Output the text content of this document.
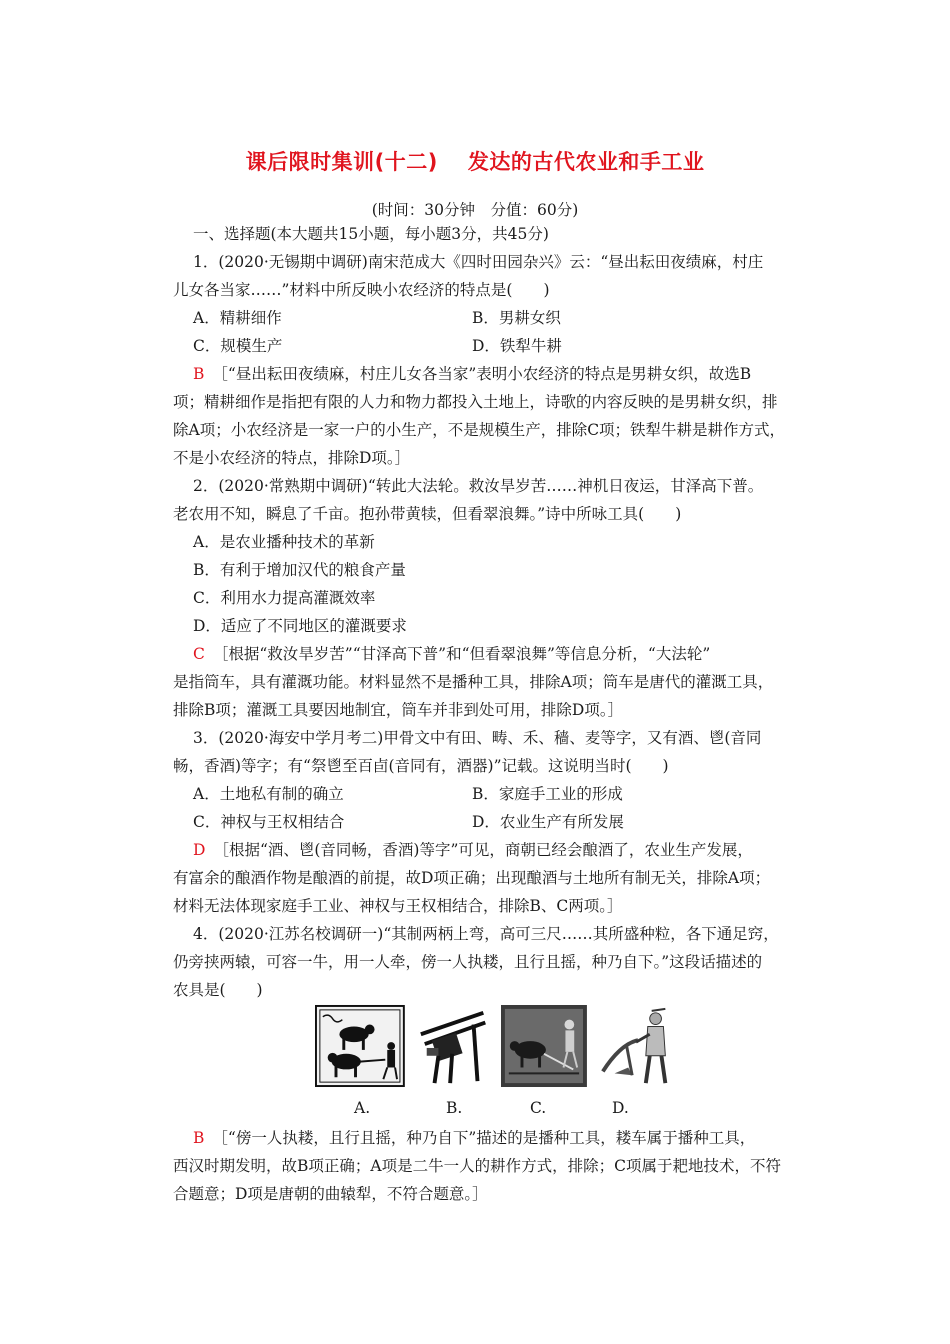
课后限时集训(十二) 发达的古代农业和手工业
(时间：30分钟　分值：60分)
一、选择题(本大题共15小题，每小题3分，共45分)
1．(2020·无锡期中调研)南宋范成大《四时田园杂兴》云：“昼出耘田夜绩麻，村庄
儿女各当家……”材料中所反映小农经济的特点是(　　)
A．精耕细作	B．男耕女织
C．规模生产	D．铁犁牛耕
B ［“昼出耘田夜绩麻，村庄儿女各当家”表明小农经济的特点是男耕女织，故选B
项；精耕细作是指把有限的人力和物力都投入土地上，诗歌的内容反映的是男耕女织，排
除A项；小农经济是一家一户的小生产，不是规模生产，排除C项；铁犁牛耕是耕作方式，
不是小农经济的特点，排除D项。］
2．(2020·常熟期中调研)“转此大法轮。救汝旱岁苦……神机日夜运，甘泽高下普。
老农用不知，瞬息了千亩。抱孙带黄犊，但看翠浪舞。”诗中所咏工具(　　)
A．是农业播种技术的革新
B．有利于增加汉代的粮食产量
C．利用水力提高灌溉效率
D．适应了不同地区的灌溉要求
C ［根据“救汝旱岁苦”“甘泽高下普”和“但看翠浪舞”等信息分析，“大法轮”
是指筒车，具有灌溉功能。材料显然不是播种工具，排除A项；筒车是唐代的灌溉工具，
排除B项；灌溉工具要因地制宜，筒车并非到处可用，排除D项。］
3．(2020·海安中学月考二)甲骨文中有田、畴、禾、穑、麦等字，又有酒、鬯(音同
畅，香酒)等字；有“祭鬯至百卣(音同有，酒器)”记载。这说明当时(　　)
A．土地私有制的确立	B．家庭手工业的形成
C．神权与王权相结合	D．农业生产有所发展
D ［根据“酒、鬯(音同畅，香酒)等字”可见，商朝已经会酿酒了，农业生产发展，
有富余的酿酒作物是酿酒的前提，故D项正确；出现酿酒与土地所有制无关，排除A项；
材料无法体现家庭手工业、神权与王权相结合，排除B、C两项。］
4．(2020·江苏名校调研一)“其制两柄上弯，高可三尺……其所盛种粒，各下通足窍，
仍旁挟两辕，可容一牛，用一人牵，傍一人执耧，且行且摇，种乃自下。”这段话描述的
农具是(　　)
A.	B.	C.	D.
B ［“傍一人执耧，且行且摇，种乃自下”描述的是播种工具，耧车属于播种工具，
西汉时期发明，故B项正确；A项是二牛一人的耕作方式，排除；C项属于耙地技术，不符
合题意；D项是唐朝的曲辕犁，不符合题意。］
